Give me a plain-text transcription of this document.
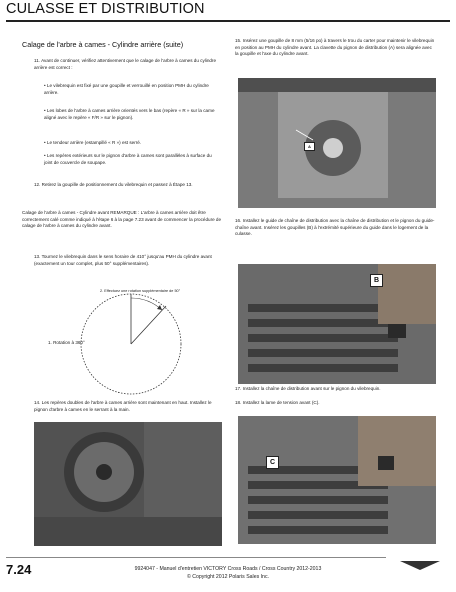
CULASSE ET DISTRIBUTION
Calage de l'arbre à cames - Cylindre arrière (suite)
11. Avant de continuer, vérifiez attentivement que le calage de l'arbre à cames du cylindre arrière est correct :
• Le vilebrequin est fixé par une goupille et verrouillé en position PMH du cylindre arrière.
• Les lobes de l'arbre à cames arrière orientés vers le bas (repère « R » sur la came aligné avec le repère « F/R » sur le pignon).
• Le tendeur arrière (estampillé « R ») est serré.
• Les repères extérieurs sur le pignon d'arbre à cames sont parallèles à surface du joint de couvercle de soupape.
12. Retirez la goupille de positionnement du vilebrequin et passez à Étape 13.
Calage de l'arbre à cames - Cylindre avant REMARQUE : L'arbre à cames arrière doit être correctement calé comme indiqué à l'étape 6 à la page 7.23 avant de commencer la procédure de calage de l'arbre à cames du cylindre avant.
13. Tournez le vilebrequin dans le sens horaire de 410° jusqu'au PMH du cylindre avant (exactement un tour complet, plus 50° supplémentaires).
2. Effectuez une rotation supplémentaire de 50°
1. Rotation à 360°
14. Les repères doubles de l'arbre à cames arrière sont maintenant en haut. Installez le pignon d'arbre à cames en le serrant à la main.
15. Insérez une goupille de 8 mm (5/16 po) à travers le trou du carter pour maintenir le vilebrequin en position au PMH du cylindre avant. La clavette du pignon de distribution (A) sera alignée avec la goupille et l'axe du cylindre avant.
A
16. Installez le guide de chaîne de distribution avec la chaîne de distribution et le pignon du guide-chaîne avant. Insérez les goupilles (B) à l'extrémité supérieure du guide dans le logement de la culasse.
B
17. Installez la chaîne de distribution avant sur le pignon du vilebrequin.
18. Installez la lame de tension avant (C).
C
7.24	9924047 - Manuel d'entretien VICTORY Cross Roads / Cross Country 2012-2013
© Copyright 2012 Polaris Sales Inc.
